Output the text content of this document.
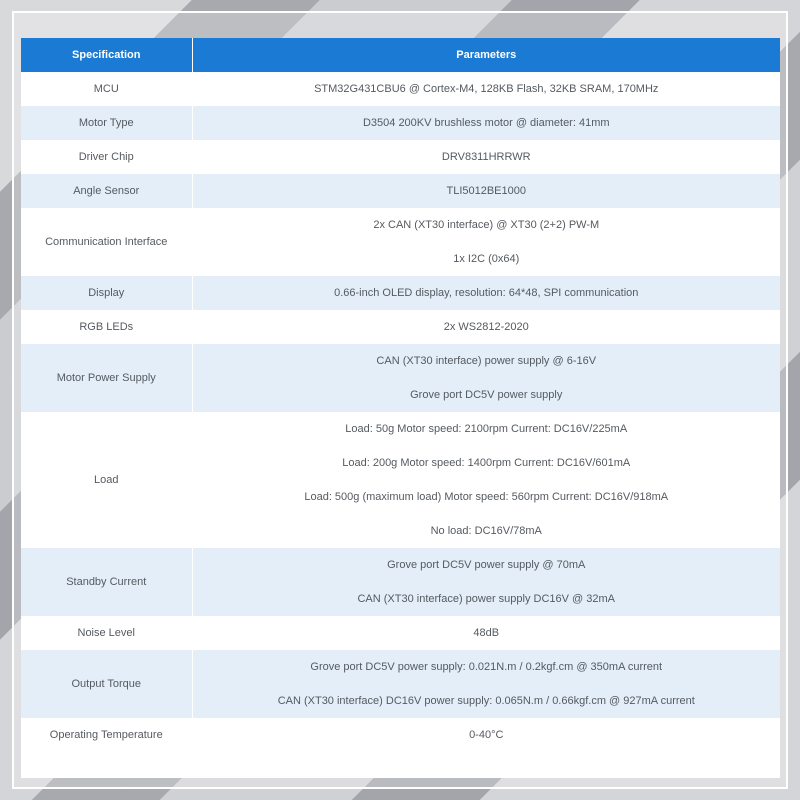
Specification	Parameters
MCU	STM32G431CBU6 @ Cortex-M4, 128KB Flash, 32KB SRAM, 170MHz

Motor Type	D3504 200KV brushless motor @ diameter: 41mm

Driver Chip	DRV8311HRRWR

Angle Sensor	TLI5012BE1000

Communication Interface	2x CAN (XT30 interface) @ XT30 (2+2) PW-M
1x I2C (0x64)

Display	0.66-inch OLED display, resolution: 64*48, SPI communication

RGB LEDs	2x WS2812-2020

Motor Power Supply	CAN (XT30 interface) power supply @ 6-16V
Grove port DC5V power supply

Load	Load: 50g Motor speed: 2100rpm Current: DC16V/225mA
Load: 200g Motor speed: 1400rpm Current: DC16V/601mA
Load: 500g (maximum load) Motor speed: 560rpm Current: DC16V/918mA
No load: DC16V/78mA

Standby Current	Grove port DC5V power supply @ 70mA
CAN (XT30 interface) power supply DC16V @ 32mA

Noise Level	48dB

Output Torque	Grove port DC5V power supply: 0.021N.m / 0.2kgf.cm @ 350mA current
CAN (XT30 interface) DC16V power supply: 0.065N.m / 0.66kgf.cm @ 927mA current

Operating Temperature	0-40°C
